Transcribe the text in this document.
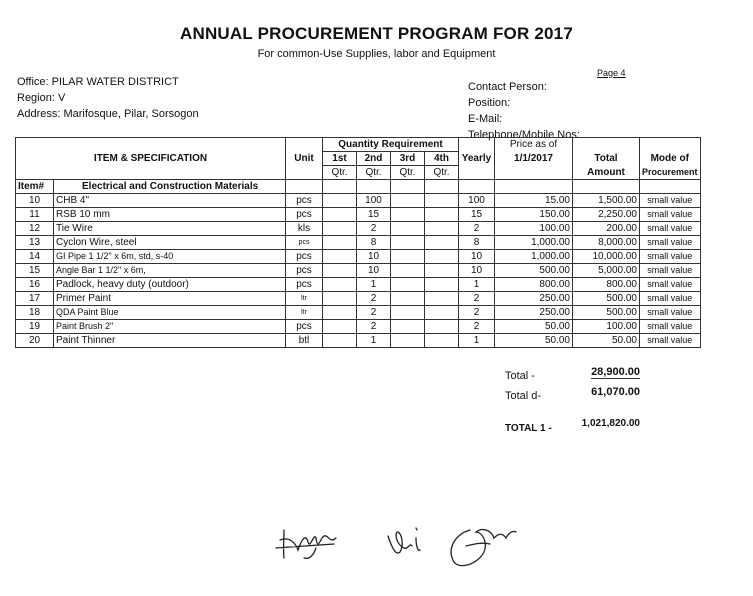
ANNUAL PROCUREMENT PROGRAM FOR 2017
For common-Use Supplies, labor and Equipment
Page 4
Office: PILAR WATER DISTRICT
Region: V
Address: Marifosque, Pilar, Sorsogon
Contact Person:
Position:
E-Mail:
Telephone/Mobile Nos:
ITEM & SPECIFICATION		Unit	Quantity Requirement				Yearly	Price as of		
			1st	2nd	3rd	4th		1/1/2017	Total	Mode of
			Qtr.	Qtr.	Qtr.	Qtr.			Amount	Procurement
Item#	Electrical and Construction Materials									
10	CHB 4"	pcs		100			100	15.00	1,500.00	small value
11	RSB 10 mm	pcs		15			15	150.00	2,250.00	small value
12	Tie Wire	kls		2			2	100.00	200.00	small value
13	Cyclon Wire, steel	pcs		8			8	1,000.00	8,000.00	small value
14	GI Pipe 1 1/2" x 6m, std, s-40	pcs		10			10	1,000.00	10,000.00	small value
15	Angle Bar 1 1/2" x 6m,	pcs		10			10	500.00	5,000.00	small value
16	Padlock, heavy duty (outdoor)	pcs		1			1	800.00	800.00	small value
17	Primer Paint	ltr		2			2	250.00	500.00	small value
18	QDA Paint Blue	ltr		2			2	250.00	500.00	small value
19	Paint Brush 2"	pcs		2			2	50.00	100.00	small value
20	Paint Thinner	btl		1			1	50.00	50.00	small value
Total -	28,900.00
Total d-	61,070.00
TOTAL 1 -	1,021,820.00
